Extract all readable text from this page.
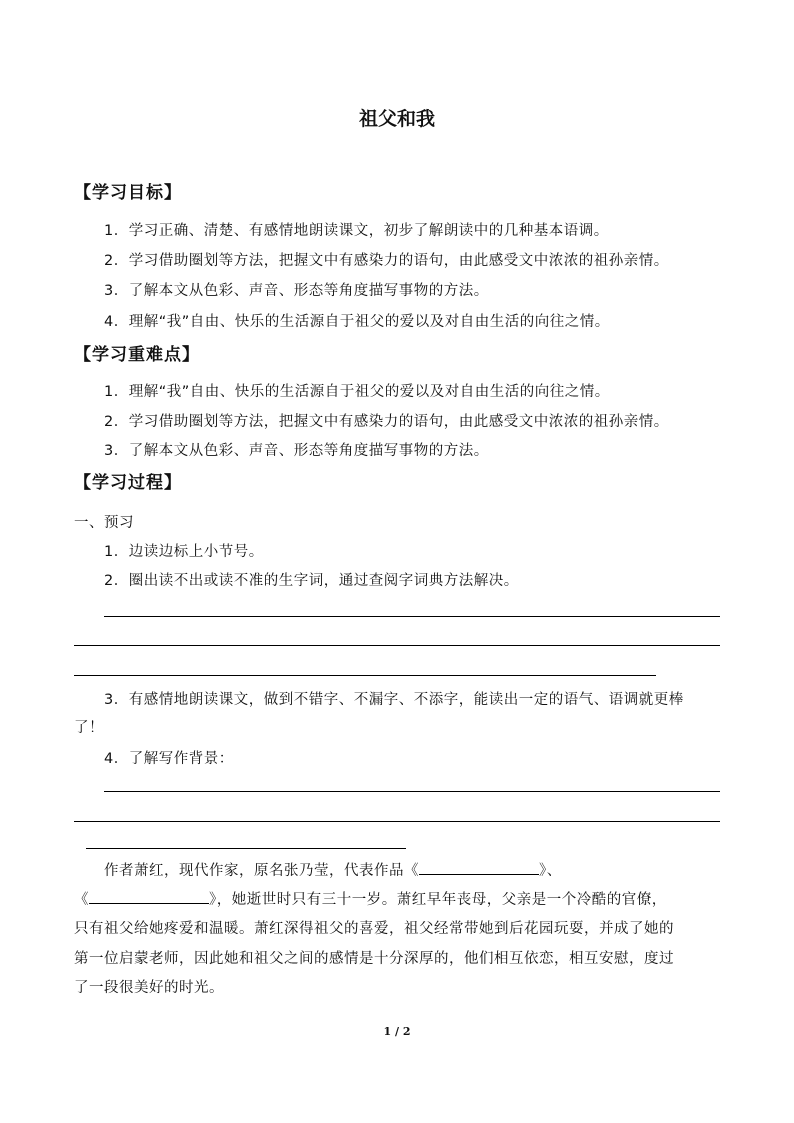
祖父和我
【学习目标】
1．学习正确、清楚、有感情地朗读课文，初步了解朗读中的几种基本语调。
2．学习借助圈划等方法，把握文中有感染力的语句，由此感受文中浓浓的祖孙亲情。
3．了解本文从色彩、声音、形态等角度描写事物的方法。
4．理解“我”自由、快乐的生活源自于祖父的爱以及对自由生活的向往之情。
【学习重难点】
1．理解“我”自由、快乐的生活源自于祖父的爱以及对自由生活的向往之情。
2．学习借助圈划等方法，把握文中有感染力的语句，由此感受文中浓浓的祖孙亲情。
3．了解本文从色彩、声音、形态等角度描写事物的方法。
【学习过程】
一、预习
1．边读边标上小节号。
2．圈出读不出或读不准的生字词，通过查阅字词典方法解决。
3．有感情地朗读课文，做到不错字、不漏字、不添字，能读出一定的语气、语调就更棒
了！
4．了解写作背景：
作者萧红，现代作家，原名张乃莹，代表作品《	》、
《	》，她逝世时只有三十一岁。萧红早年丧母，父亲是一个冷酷的官僚，
只有祖父给她疼爱和温暖。萧红深得祖父的喜爱，祖父经常带她到后花园玩耍，并成了她的
第一位启蒙老师，因此她和祖父之间的感情是十分深厚的，他们相互依恋，相互安慰，度过
了一段很美好的时光。
1 / 2
